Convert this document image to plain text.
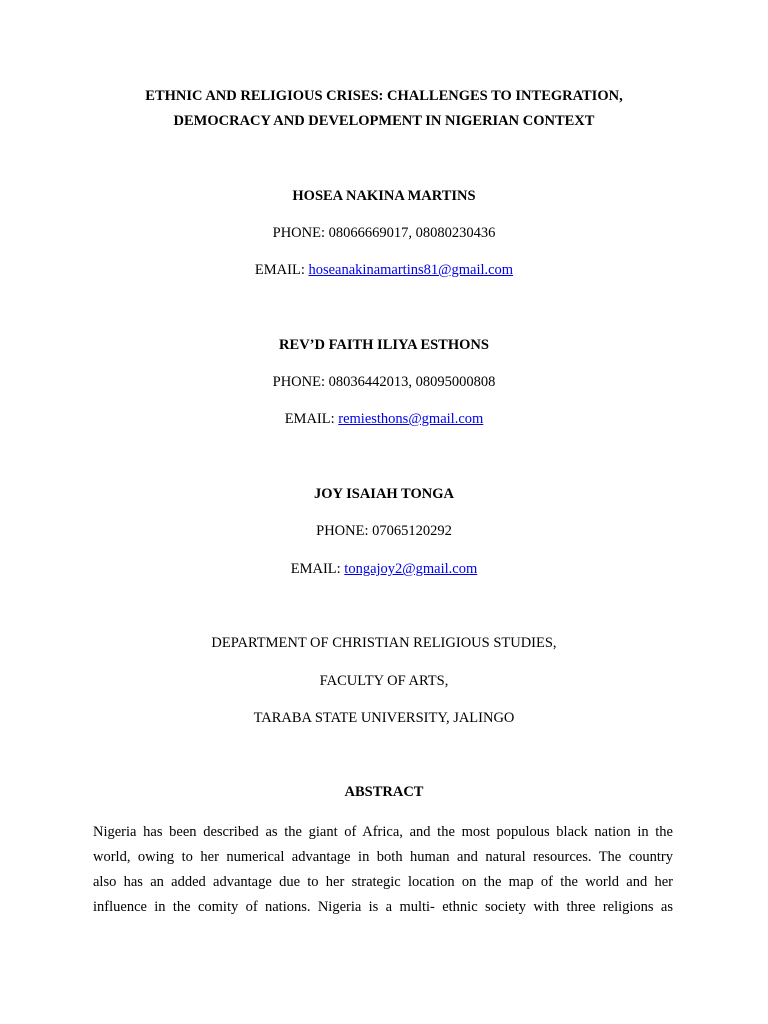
ETHNIC AND RELIGIOUS CRISES: CHALLENGES TO INTEGRATION,
DEMOCRACY AND DEVELOPMENT IN NIGERIAN CONTEXT
HOSEA NAKINA MARTINS
PHONE: 08066669017, 08080230436
EMAIL: hoseanakinamartins81@gmail.com
REV’D FAITH ILIYA ESTHONS
PHONE: 08036442013, 08095000808
EMAIL: remiesthons@gmail.com
JOY ISAIAH TONGA
PHONE: 07065120292
EMAIL: tongajoy2@gmail.com
DEPARTMENT OF CHRISTIAN RELIGIOUS STUDIES,
FACULTY OF ARTS,
TARABA STATE UNIVERSITY, JALINGO
ABSTRACT
Nigeria has been described as the giant of Africa, and the most populous black nation in the
world, owing to her numerical advantage in both human and natural resources. The country
also has an added advantage due to her strategic location on the map of the world and her
influence in the comity of nations. Nigeria is a multi- ethnic society with three religions as
